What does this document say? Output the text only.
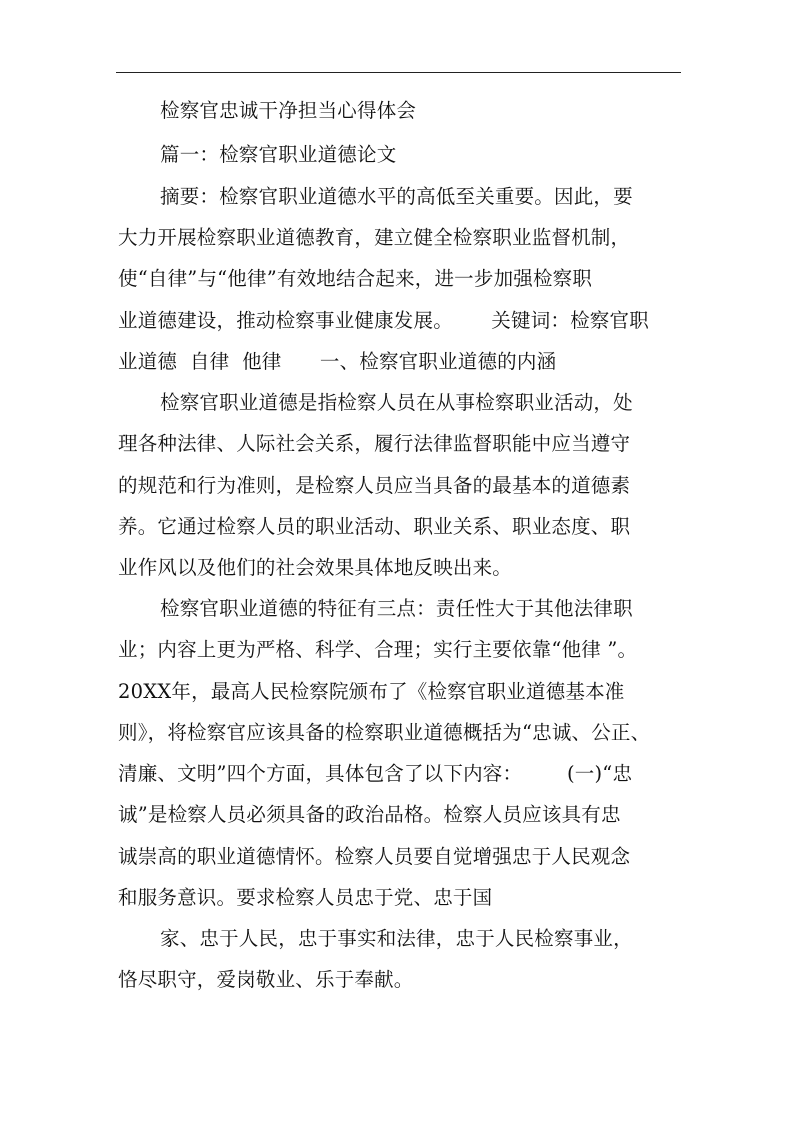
检察官忠诚干净担当心得体会
篇一：检察官职业道德论文
摘要：检察官职业道德水平的高低至关重要。因此，要
大力开展检察职业道德教育，建立健全检察职业监督机制，
使“自律”与“他律”有效地结合起来，进一步加强检察职
业道德建设，推动检察事业健康发展。      关键词：检察官职
业道德  自律  他律      一、检察官职业道德的内涵
检察官职业道德是指检察人员在从事检察职业活动，处
理各种法律、人际社会关系，履行法律监督职能中应当遵守
的规范和行为准则，是检察人员应当具备的最基本的道德素
养。它通过检察人员的职业活动、职业关系、职业态度、职
业作风以及他们的社会效果具体地反映出来。
检察官职业道德的特征有三点：责任性大于其他法律职
业；内容上更为严格、科学、合理；实行主要依靠“他律 ”。
20XX年，最高人民检察院颁布了《检察官职业道德基本准
则》，将检察官应该具备的检察职业道德概括为“忠诚、公正、
清廉、文明”四个方面，具体包含了以下内容：       (一)“忠
诚”是检察人员必须具备的政治品格。检察人员应该具有忠
诚崇高的职业道德情怀。检察人员要自觉增强忠于人民观念
和服务意识。要求检察人员忠于党、忠于国
家、忠于人民，忠于事实和法律，忠于人民检察事业，
恪尽职守，爱岗敬业、乐于奉献。
